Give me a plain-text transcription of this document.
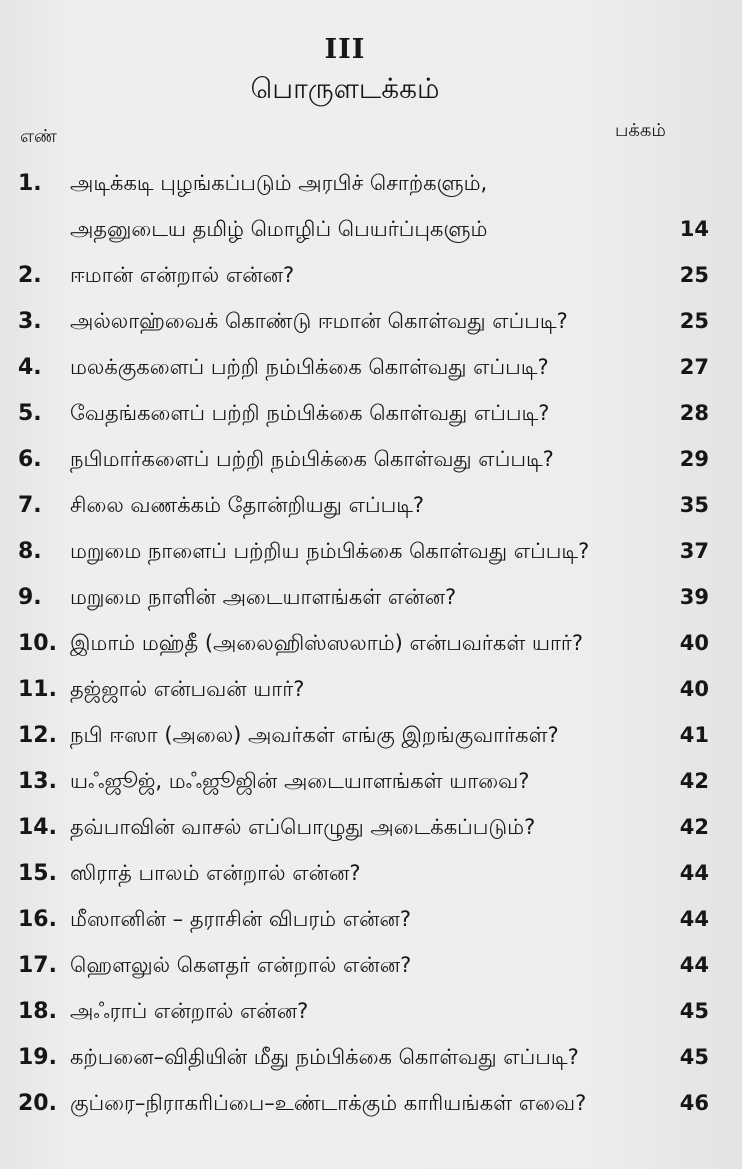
III
பொருளடக்கம்
எண்	பக்கம்
1.	அடிக்கடி புழங்கப்படும் அரபிச் சொற்களும்,
அதனுடைய தமிழ் மொழிப் பெயர்ப்புகளும்	14
2.	ஈமான் என்றால் என்ன?	25
3.	அல்லாஹ்வைக் கொண்டு ஈமான் கொள்வது எப்படி?	25
4.	மலக்குகளைப் பற்றி நம்பிக்கை கொள்வது எப்படி?	27
5.	வேதங்களைப் பற்றி நம்பிக்கை கொள்வது எப்படி?	28
6.	நபிமார்களைப் பற்றி நம்பிக்கை கொள்வது எப்படி?	29
7.	சிலை வணக்கம் தோன்றியது எப்படி?	35
8.	மறுமை நாளைப் பற்றிய நம்பிக்கை கொள்வது எப்படி?	37
9.	மறுமை நாளின் அடையாளங்கள் என்ன?	39
10. இமாம் மஹ்தீ (அலைஹிஸ்ஸலாம்) என்பவர்கள் யார்?	40
11. தஜ்ஜால் என்பவன் யார்?	40
12. நபி ஈஸா (அலை) அவர்கள் எங்கு இறங்குவார்கள்?	41
13. யஃஜூஜ், மஃஜூஜின் அடையாளங்கள் யாவை?	42
14. தவ்பாவின் வாசல் எப்பொழுது அடைக்கப்படும்?	42
15. ஸிராத் பாலம் என்றால் என்ன?	44
16. மீஸானின் – தராசின் விபரம் என்ன?	44
17. ஹௌலுல் கௌதர் என்றால் என்ன?	44
18. அஃராப் என்றால் என்ன?	45
19. கற்பனை–விதியின் மீது நம்பிக்கை கொள்வது எப்படி?	45
20. குப்ரை–நிராகரிப்பை–உண்டாக்கும் காரியங்கள் எவை?	46
